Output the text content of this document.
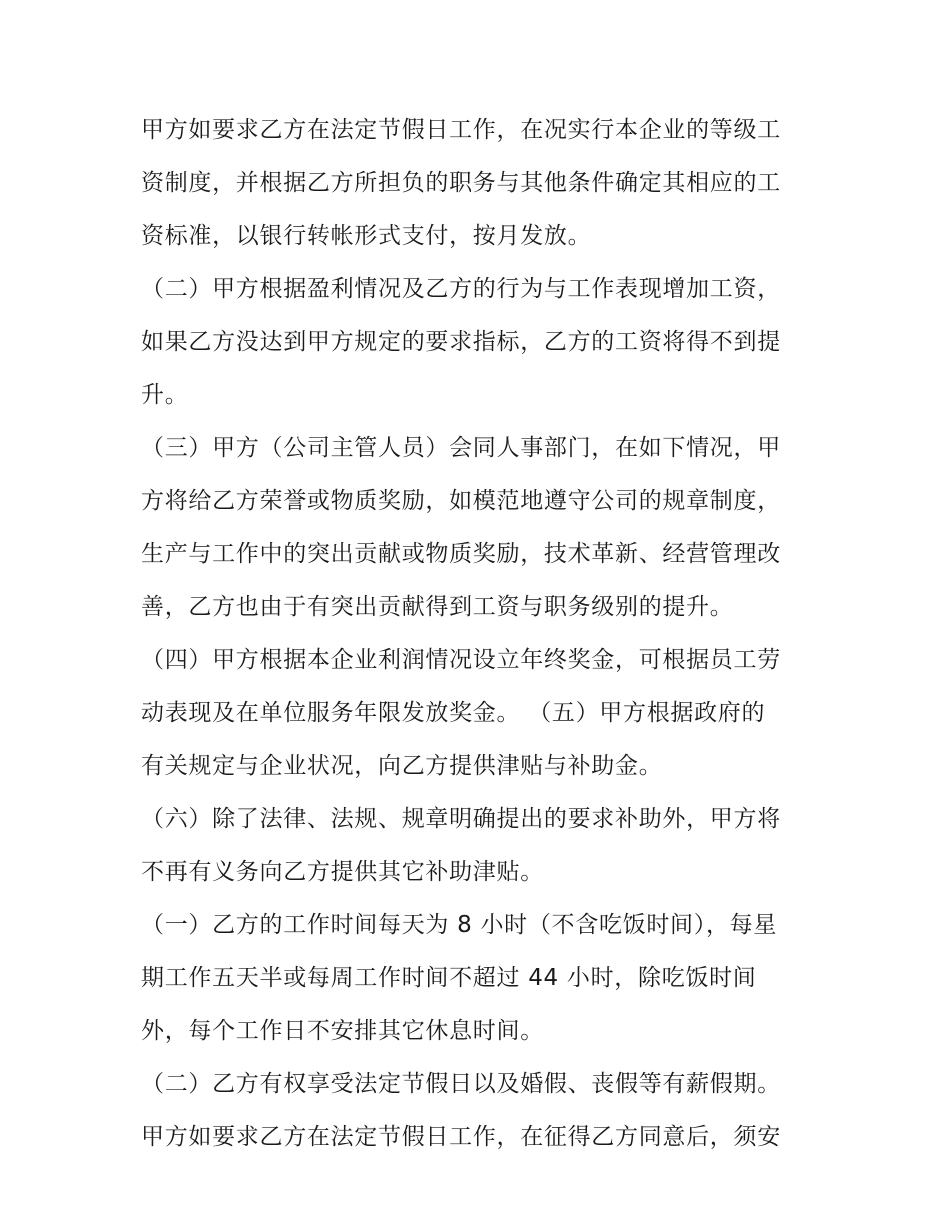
甲方如要求乙方在法定节假日工作，在况实行本企业的等级工
资制度，并根据乙方所担负的职务与其他条件确定其相应的工
资标准，以银行转帐形式支付，按月发放。
（二）甲方根据盈利情况及乙方的行为与工作表现增加工资，
如果乙方没达到甲方规定的要求指标，乙方的工资将得不到提
升。
（三）甲方（公司主管人员）会同人事部门，在如下情况，甲
方将给乙方荣誉或物质奖励，如模范地遵守公司的规章制度，
生产与工作中的突出贡献或物质奖励，技术革新、经营管理改
善，乙方也由于有突出贡献得到工资与职务级别的提升。
（四）甲方根据本企业利润情况设立年终奖金，可根据员工劳
动表现及在单位服务年限发放奖金。 （五）甲方根据政府的
有关规定与企业状况，向乙方提供津贴与补助金。
（六）除了法律、法规、规章明确提出的要求补助外，甲方将
不再有义务向乙方提供其它补助津贴。
（一）乙方的工作时间每天为 8 小时（不含吃饭时间），每星
期工作五天半或每周工作时间不超过 44 小时，除吃饭时间
外，每个工作日不安排其它休息时间。
（二）乙方有权享受法定节假日以及婚假、丧假等有薪假期。
甲方如要求乙方在法定节假日工作，在征得乙方同意后，须安
